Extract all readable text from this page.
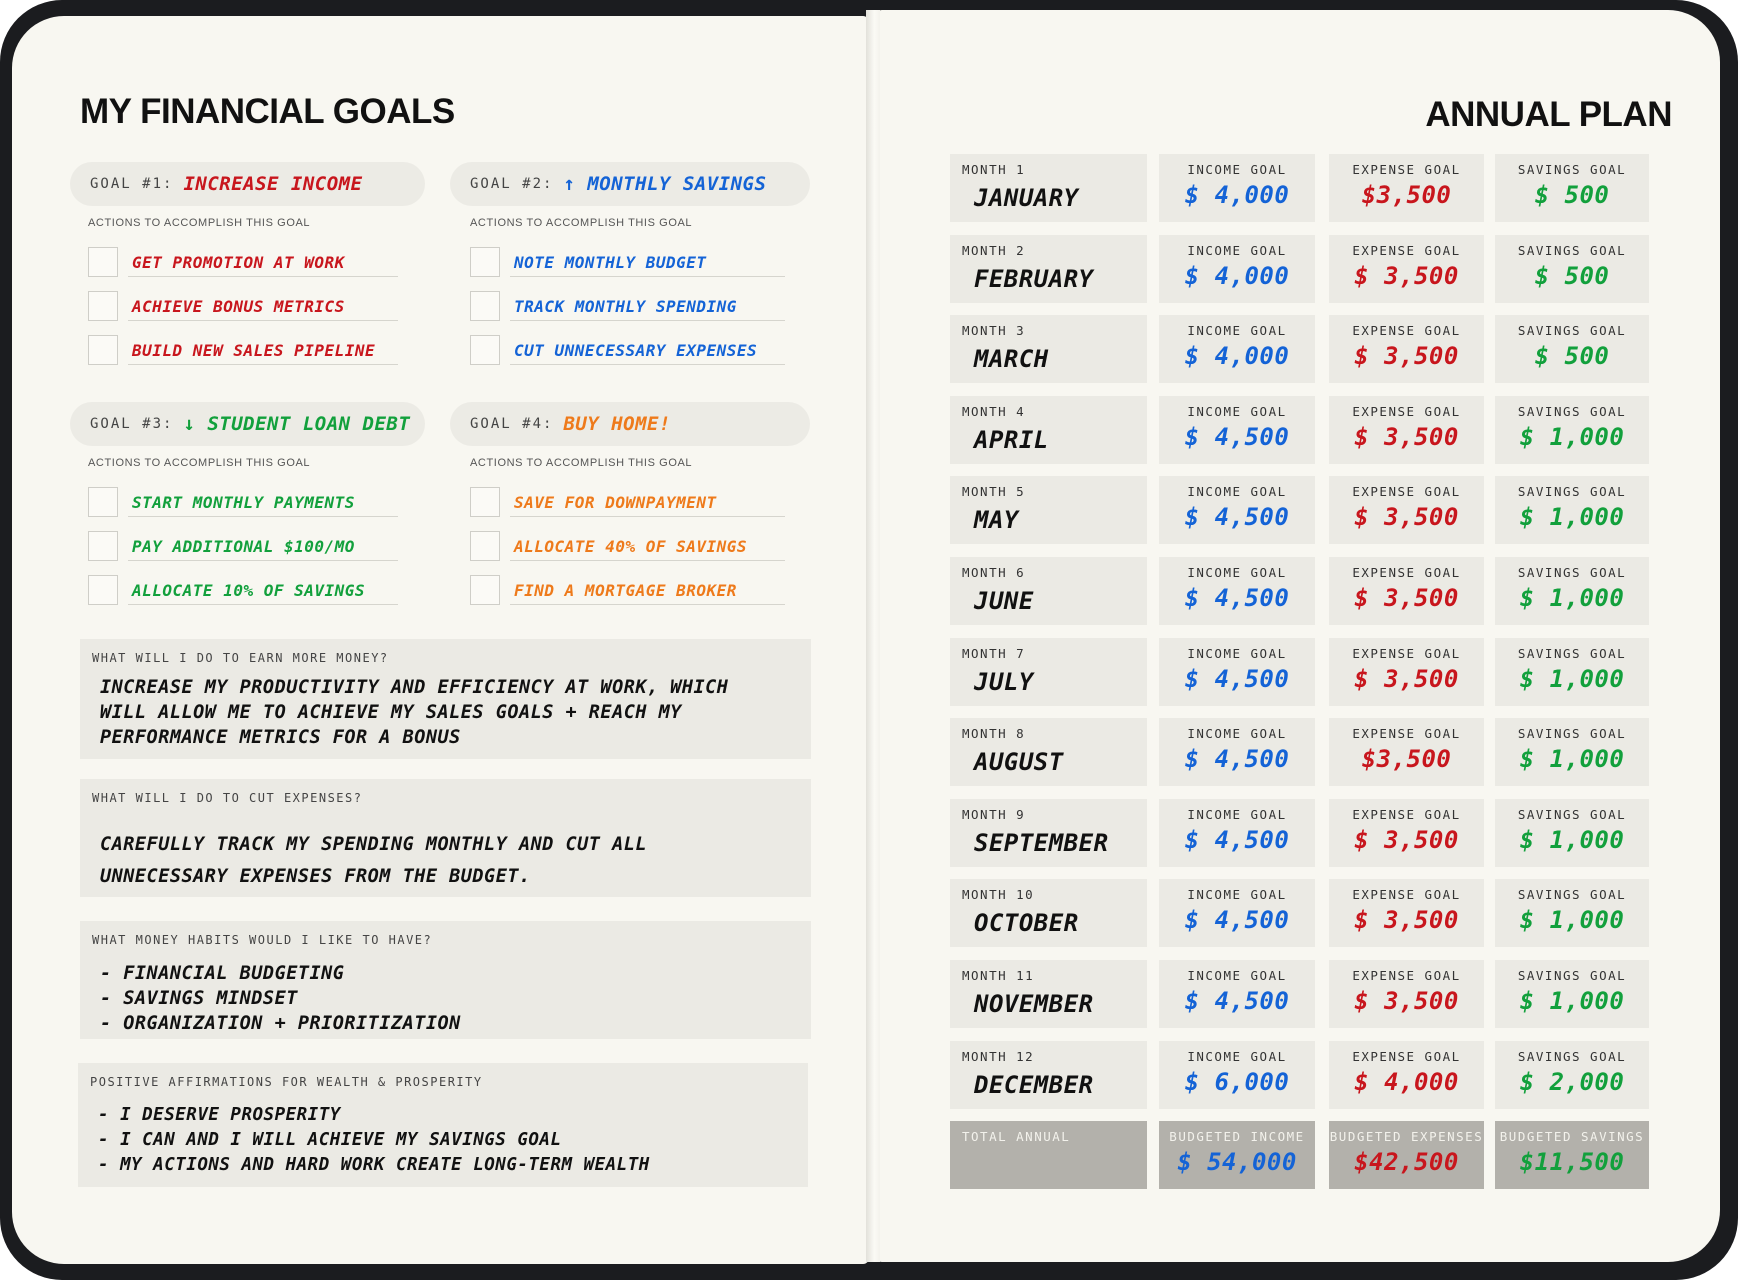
MY FINANCIAL GOALS	ANNUAL PLAN
GOAL #1: INCREASE INCOME
ACTIONS TO ACCOMPLISH THIS GOAL
GET PROMOTION AT WORK
ACHIEVE BONUS METRICS
BUILD NEW SALES PIPELINE
GOAL #2: ↑ MONTHLY SAVINGS
ACTIONS TO ACCOMPLISH THIS GOAL
NOTE MONTHLY BUDGET
TRACK MONTHLY SPENDING
CUT UNNECESSARY EXPENSES
GOAL #3: ↓ STUDENT LOAN DEBT
ACTIONS TO ACCOMPLISH THIS GOAL
START MONTHLY PAYMENTS
PAY ADDITIONAL $100/MO
ALLOCATE 10% OF SAVINGS
GOAL #4: BUY HOME!
ACTIONS TO ACCOMPLISH THIS GOAL
SAVE FOR DOWNPAYMENT
ALLOCATE 40% OF SAVINGS
FIND A MORTGAGE BROKER
WHAT WILL I DO TO EARN MORE MONEY?
INCREASE MY PRODUCTIVITY AND EFFICIENCY AT WORK, WHICH
WILL ALLOW ME TO ACHIEVE MY SALES GOALS + REACH MY
PERFORMANCE METRICS FOR A BONUS
WHAT WILL I DO TO CUT EXPENSES?
CAREFULLY TRACK MY SPENDING MONTHLY AND CUT ALL
UNNECESSARY EXPENSES FROM THE BUDGET.
WHAT MONEY HABITS WOULD I LIKE TO HAVE?
- FINANCIAL BUDGETING
- SAVINGS MINDSET
- ORGANIZATION + PRIORITIZATION
POSITIVE AFFIRMATIONS FOR WEALTH & PROSPERITY
- I DESERVE PROSPERITY
- I CAN AND I WILL ACHIEVE MY SAVINGS GOAL
- MY ACTIONS AND HARD WORK CREATE LONG-TERM WEALTH
MONTH 1
JANUARY
INCOME GOAL
$ 4,000
EXPENSE GOAL
$3,500
SAVINGS GOAL
$ 500
MONTH 2
FEBRUARY
INCOME GOAL
$ 4,000
EXPENSE GOAL
$ 3,500
SAVINGS GOAL
$ 500
MONTH 3
MARCH
INCOME GOAL
$ 4,000
EXPENSE GOAL
$ 3,500
SAVINGS GOAL
$ 500
MONTH 4
APRIL
INCOME GOAL
$ 4,500
EXPENSE GOAL
$ 3,500
SAVINGS GOAL
$ 1,000
MONTH 5
MAY
INCOME GOAL
$ 4,500
EXPENSE GOAL
$ 3,500
SAVINGS GOAL
$ 1,000
MONTH 6
JUNE
INCOME GOAL
$ 4,500
EXPENSE GOAL
$ 3,500
SAVINGS GOAL
$ 1,000
MONTH 7
JULY
INCOME GOAL
$ 4,500
EXPENSE GOAL
$ 3,500
SAVINGS GOAL
$ 1,000
MONTH 8
AUGUST
INCOME GOAL
$ 4,500
EXPENSE GOAL
$3,500
SAVINGS GOAL
$ 1,000
MONTH 9
SEPTEMBER
INCOME GOAL
$ 4,500
EXPENSE GOAL
$ 3,500
SAVINGS GOAL
$ 1,000
MONTH 10
OCTOBER
INCOME GOAL
$ 4,500
EXPENSE GOAL
$ 3,500
SAVINGS GOAL
$ 1,000
MONTH 11
NOVEMBER
INCOME GOAL
$ 4,500
EXPENSE GOAL
$ 3,500
SAVINGS GOAL
$ 1,000
MONTH 12
DECEMBER
INCOME GOAL
$ 6,000
EXPENSE GOAL
$ 4,000
SAVINGS GOAL
$ 2,000
TOTAL ANNUAL	BUDGETED INCOME
$ 54,000
BUDGETED EXPENSES
$42,500
BUDGETED SAVINGS
$11,500
